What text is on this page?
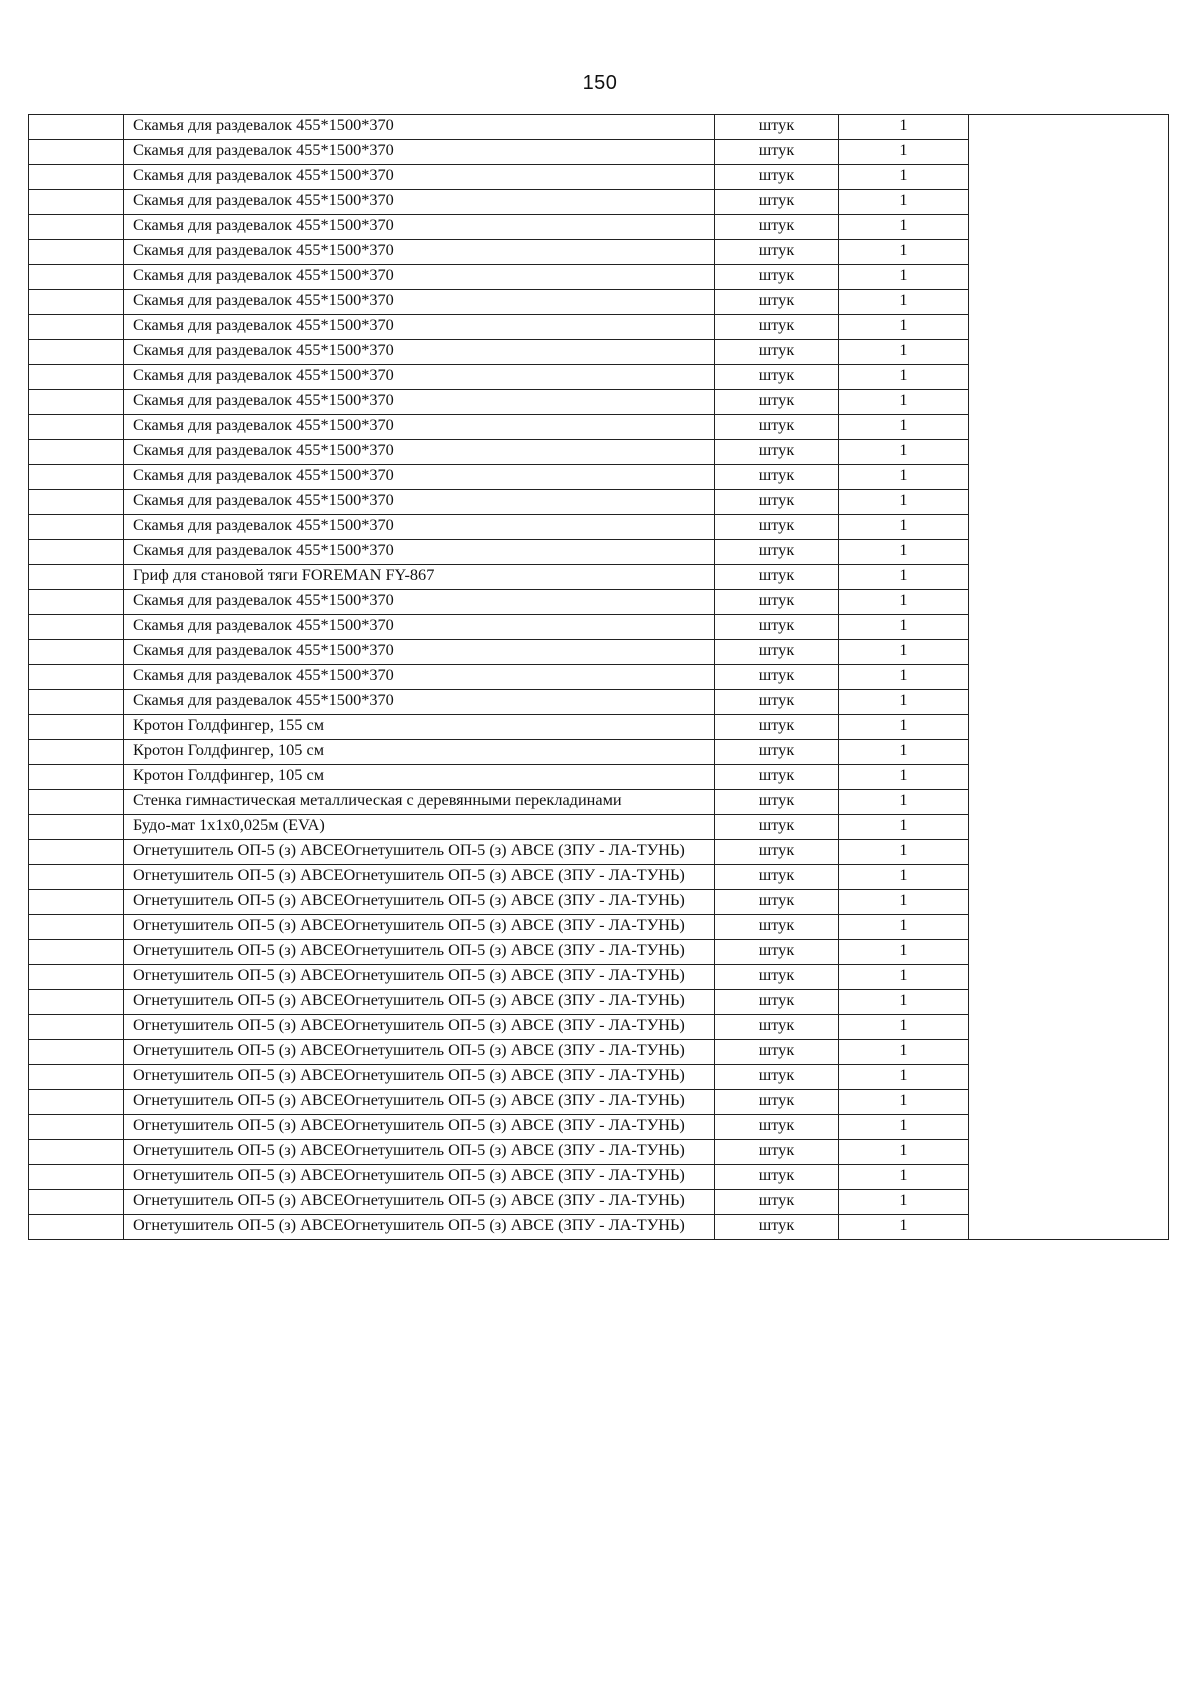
150
	Скамья для раздевалок 455*1500*370	штук	1	
	Скамья для раздевалок 455*1500*370	штук	1	
	Скамья для раздевалок 455*1500*370	штук	1	
	Скамья для раздевалок 455*1500*370	штук	1	
	Скамья для раздевалок 455*1500*370	штук	1	
	Скамья для раздевалок 455*1500*370	штук	1	
	Скамья для раздевалок 455*1500*370	штук	1	
	Скамья для раздевалок 455*1500*370	штук	1	
	Скамья для раздевалок 455*1500*370	штук	1	
	Скамья для раздевалок 455*1500*370	штук	1	
	Скамья для раздевалок 455*1500*370	штук	1	
	Скамья для раздевалок 455*1500*370	штук	1	
	Скамья для раздевалок 455*1500*370	штук	1	
	Скамья для раздевалок 455*1500*370	штук	1	
	Скамья для раздевалок 455*1500*370	штук	1	
	Скамья для раздевалок 455*1500*370	штук	1	
	Скамья для раздевалок 455*1500*370	штук	1	
	Скамья для раздевалок 455*1500*370	штук	1	
	Гриф для становой тяги FOREMAN FY-867	штук	1	
	Скамья для раздевалок 455*1500*370	штук	1	
	Скамья для раздевалок 455*1500*370	штук	1	
	Скамья для раздевалок 455*1500*370	штук	1	
	Скамья для раздевалок 455*1500*370	штук	1	
	Скамья для раздевалок 455*1500*370	штук	1	
	Кротон Голдфингер, 155 см	штук	1	
	Кротон Голдфингер, 105 см	штук	1	
	Кротон Голдфингер, 105 см	штук	1	
	Стенка гимнастическая металлическая с деревянными перекладинами	штук	1	
	Будо-мат 1х1х0,025м (EVA)	штук	1	
	Огнетушитель ОП-5 (з) АВСЕОгнетушитель ОП-5 (з) АВСЕ (ЗПУ - ЛА-ТУНЬ)	штук	1	
	Огнетушитель ОП-5 (з) АВСЕОгнетушитель ОП-5 (з) АВСЕ (ЗПУ - ЛА-ТУНЬ)	штук	1	
	Огнетушитель ОП-5 (з) АВСЕОгнетушитель ОП-5 (з) АВСЕ (ЗПУ - ЛА-ТУНЬ)	штук	1	
	Огнетушитель ОП-5 (з) АВСЕОгнетушитель ОП-5 (з) АВСЕ (ЗПУ - ЛА-ТУНЬ)	штук	1	
	Огнетушитель ОП-5 (з) АВСЕОгнетушитель ОП-5 (з) АВСЕ (ЗПУ - ЛА-ТУНЬ)	штук	1	
	Огнетушитель ОП-5 (з) АВСЕОгнетушитель ОП-5 (з) АВСЕ (ЗПУ - ЛА-ТУНЬ)	штук	1	
	Огнетушитель ОП-5 (з) АВСЕОгнетушитель ОП-5 (з) АВСЕ (ЗПУ - ЛА-ТУНЬ)	штук	1	
	Огнетушитель ОП-5 (з) АВСЕОгнетушитель ОП-5 (з) АВСЕ (ЗПУ - ЛА-ТУНЬ)	штук	1	
	Огнетушитель ОП-5 (з) АВСЕОгнетушитель ОП-5 (з) АВСЕ (ЗПУ - ЛА-ТУНЬ)	штук	1	
	Огнетушитель ОП-5 (з) АВСЕОгнетушитель ОП-5 (з) АВСЕ (ЗПУ - ЛА-ТУНЬ)	штук	1	
	Огнетушитель ОП-5 (з) АВСЕОгнетушитель ОП-5 (з) АВСЕ (ЗПУ - ЛА-ТУНЬ)	штук	1	
	Огнетушитель ОП-5 (з) АВСЕОгнетушитель ОП-5 (з) АВСЕ (ЗПУ - ЛА-ТУНЬ)	штук	1	
	Огнетушитель ОП-5 (з) АВСЕОгнетушитель ОП-5 (з) АВСЕ (ЗПУ - ЛА-ТУНЬ)	штук	1	
	Огнетушитель ОП-5 (з) АВСЕОгнетушитель ОП-5 (з) АВСЕ (ЗПУ - ЛА-ТУНЬ)	штук	1	
	Огнетушитель ОП-5 (з) АВСЕОгнетушитель ОП-5 (з) АВСЕ (ЗПУ - ЛА-ТУНЬ)	штук	1	
	Огнетушитель ОП-5 (з) АВСЕОгнетушитель ОП-5 (з) АВСЕ (ЗПУ - ЛА-ТУНЬ)	штук	1	
